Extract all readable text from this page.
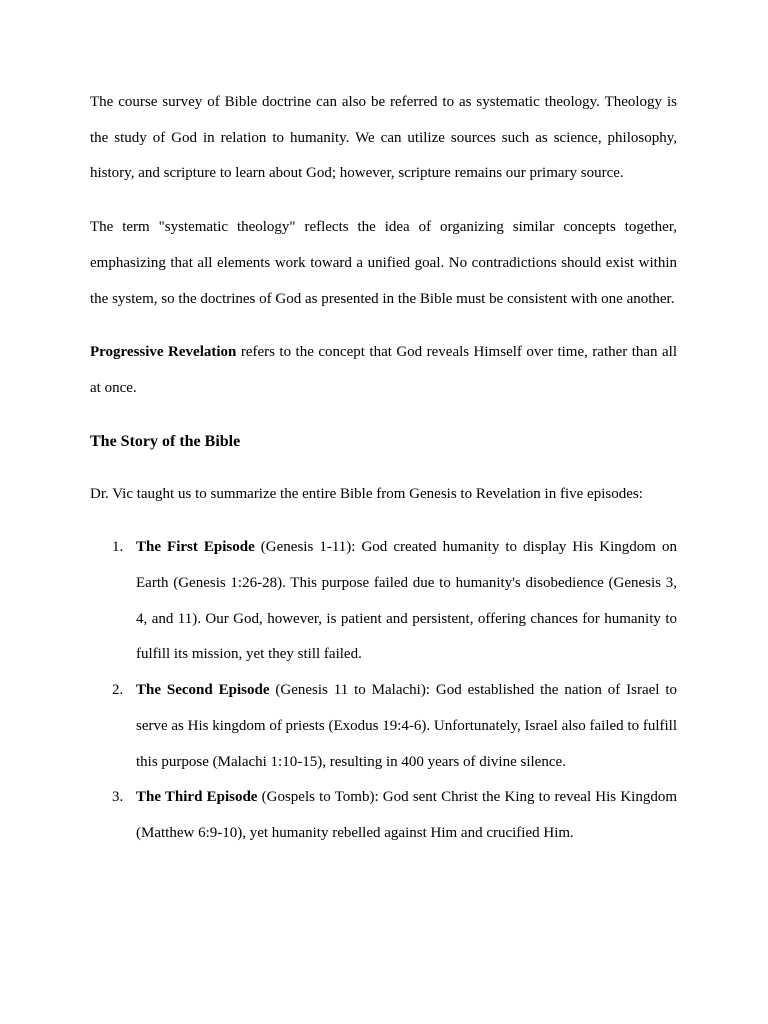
The course survey of Bible doctrine can also be referred to as systematic theology. Theology is the study of God in relation to humanity. We can utilize sources such as science, philosophy, history, and scripture to learn about God; however, scripture remains our primary source.

The term "systematic theology" reflects the idea of organizing similar concepts together, emphasizing that all elements work toward a unified goal. No contradictions should exist within the system, so the doctrines of God as presented in the Bible must be consistent with one another.

Progressive Revelation refers to the concept that God reveals Himself over time, rather than all at once.

The Story of the Bible

Dr. Vic taught us to summarize the entire Bible from Genesis to Revelation in five episodes:

1. The First Episode (Genesis 1-11): God created humanity to display His Kingdom on Earth (Genesis 1:26-28). This purpose failed due to humanity's disobedience (Genesis 3, 4, and 11). Our God, however, is patient and persistent, offering chances for humanity to fulfill its mission, yet they still failed.
2. The Second Episode (Genesis 11 to Malachi): God established the nation of Israel to serve as His kingdom of priests (Exodus 19:4-6). Unfortunately, Israel also failed to fulfill this purpose (Malachi 1:10-15), resulting in 400 years of divine silence.
3. The Third Episode (Gospels to Tomb): God sent Christ the King to reveal His Kingdom (Matthew 6:9-10), yet humanity rebelled against Him and crucified Him.
